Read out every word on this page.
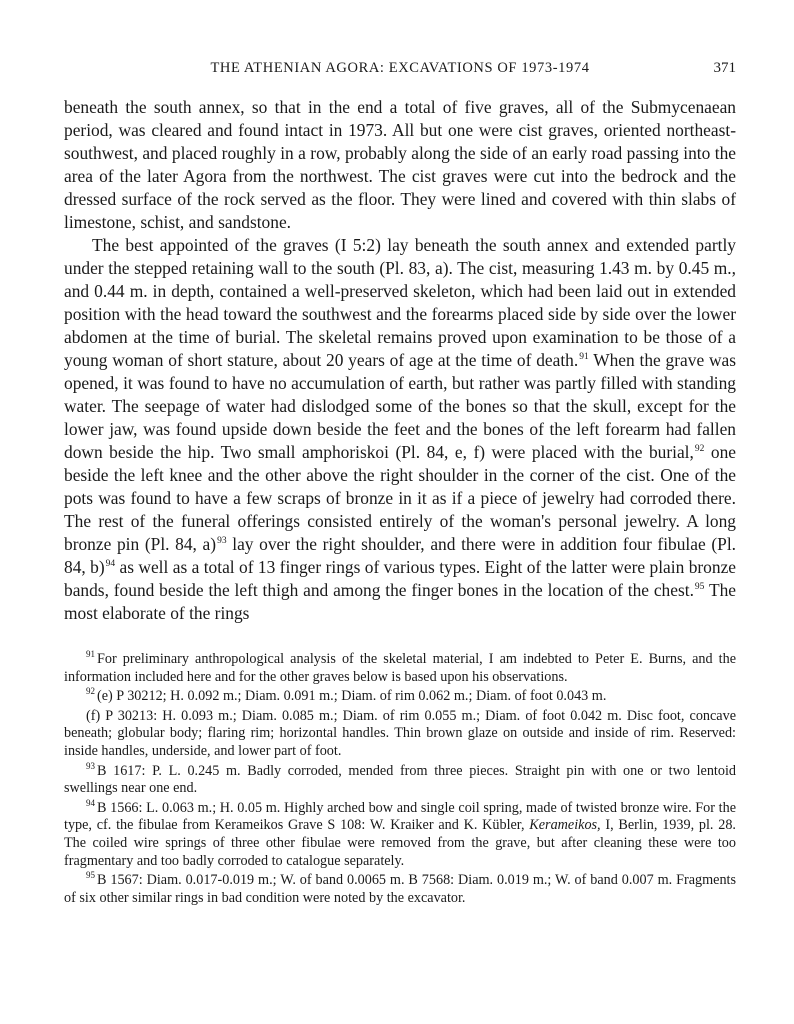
THE ATHENIAN AGORA: EXCAVATIONS OF 1973-1974	371

beneath the south annex, so that in the end a total of five graves, all of the Submycenaean period, was cleared and found intact in 1973. All but one were cist graves, oriented northeast-southwest, and placed roughly in a row, probably along the side of an early road passing into the area of the later Agora from the northwest. The cist graves were cut into the bedrock and the dressed surface of the rock served as the floor. They were lined and covered with thin slabs of limestone, schist, and sandstone.

The best appointed of the graves (I 5:2) lay beneath the south annex and extended partly under the stepped retaining wall to the south (Pl. 83, a). The cist, measuring 1.43 m. by 0.45 m., and 0.44 m. in depth, contained a well-preserved skeleton, which had been laid out in extended position with the head toward the southwest and the forearms placed side by side over the lower abdomen at the time of burial. The skeletal remains proved upon examination to be those of a young woman of short stature, about 20 years of age at the time of death.$^{91}$ When the grave was opened, it was found to have no accumulation of earth, but rather was partly filled with standing water. The seepage of water had dislodged some of the bones so that the skull, except for the lower jaw, was found upside down beside the feet and the bones of the left forearm had fallen down beside the hip. Two small amphoriskoi (Pl. 84, e, f) were placed with the burial,$^{92}$ one beside the left knee and the other above the right shoulder in the corner of the cist. One of the pots was found to have a few scraps of bronze in it as if a piece of jewelry had corroded there. The rest of the funeral offerings consisted entirely of the woman's personal jewelry. A long bronze pin (Pl. 84, a)$^{93}$ lay over the right shoulder, and there were in addition four fibulae (Pl. 84, b)$^{94}$ as well as a total of 13 finger rings of various types. Eight of the latter were plain bronze bands, found beside the left thigh and among the finger bones in the location of the chest.$^{95}$ The most elaborate of the rings

$^{91}$ For preliminary anthropological analysis of the skeletal material, I am indebted to Peter E. Burns, and the information included here and for the other graves below is based upon his observations.

$^{92}$ (e) P 30212; H. 0.092 m.; Diam. 0.091 m.; Diam. of rim 0.062 m.; Diam. of foot 0.043 m.

(f) P 30213: H. 0.093 m.; Diam. 0.085 m.; Diam. of rim 0.055 m.; Diam. of foot 0.042 m. Disc foot, concave beneath; globular body; flaring rim; horizontal handles. Thin brown glaze on outside and inside of rim. Reserved: inside handles, underside, and lower part of foot.

$^{93}$ B 1617: P. L. 0.245 m. Badly corroded, mended from three pieces. Straight pin with one or two lentoid swellings near one end.

$^{94}$ B 1566: L. 0.063 m.; H. 0.05 m. Highly arched bow and single coil spring, made of twisted bronze wire. For the type, cf. the fibulae from Kerameikos Grave S 108: W. Kraiker and K. Kübler, Kerameikos, I, Berlin, 1939, pl. 28. The coiled wire springs of three other fibulae were removed from the grave, but after cleaning these were too fragmentary and too badly corroded to catalogue separately.

$^{95}$ B 1567: Diam. 0.017-0.019 m.; W. of band 0.0065 m. B 7568: Diam. 0.019 m.; W. of band 0.007 m. Fragments of six other similar rings in bad condition were noted by the excavator.
